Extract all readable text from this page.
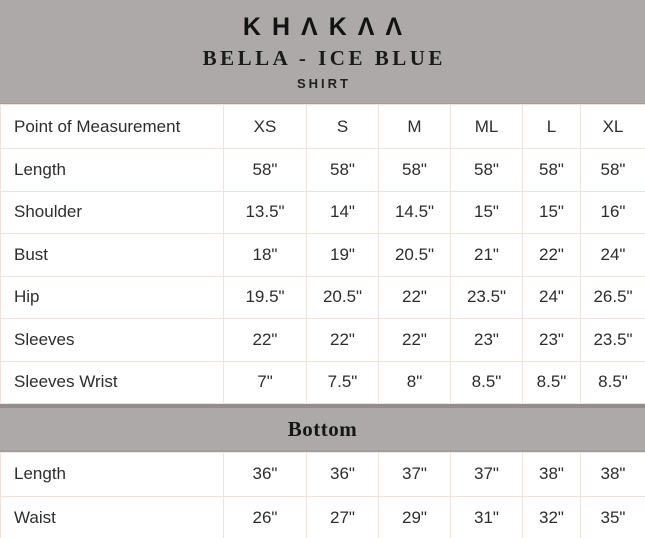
KHΛKΛΛ
BELLA - ICE BLUE
SHIRT
Point of Measurement	XS	S	M	ML	L	XL
Length	58"	58"	58"	58"	58"	58"
Shoulder	13.5"	14"	14.5"	15"	15"	16"
Bust	18"	19"	20.5"	21"	22"	24"
Hip	19.5"	20.5"	22"	23.5"	24"	26.5"
Sleeves	22"	22"	22"	23"	23"	23.5"
Sleeves Wrist	7"	7.5"	8"	8.5"	8.5"	8.5"
Bottom
Length	36"	36"	37"	37"	38"	38"
Waist	26"	27"	29"	31"	32"	35"
